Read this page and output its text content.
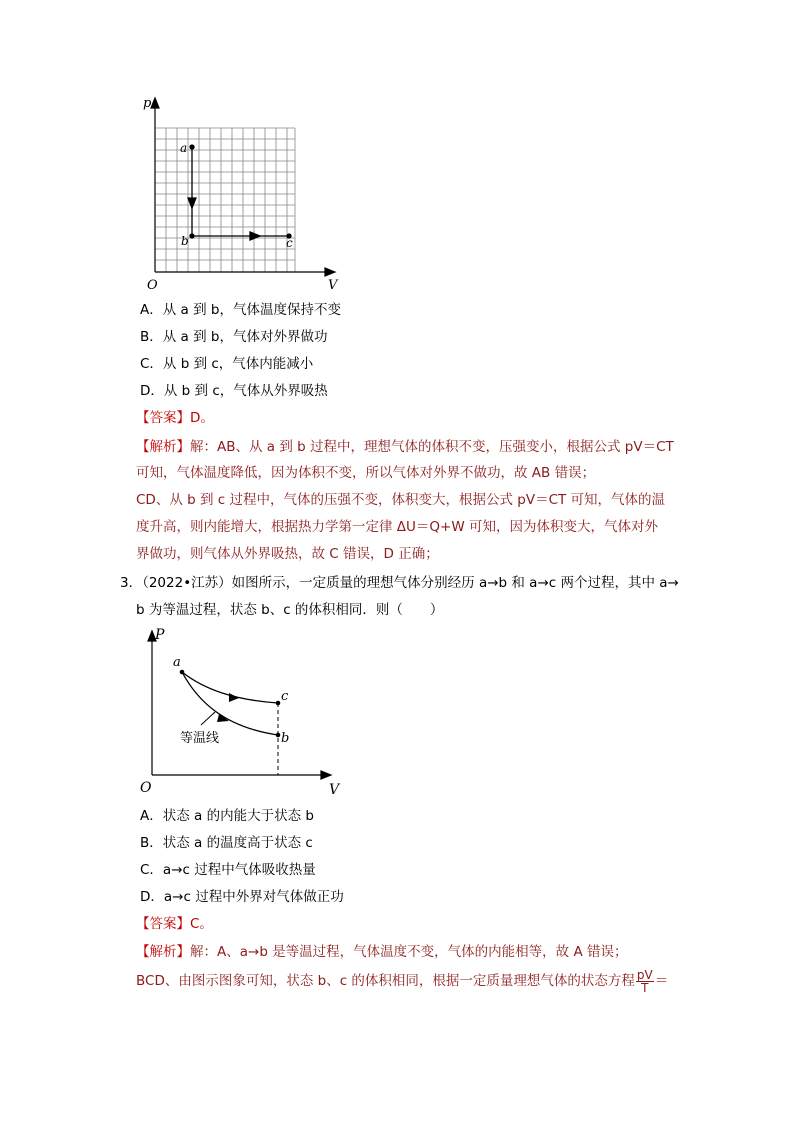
p
V
O
a
b	c
A．从 a 到 b，气体温度保持不变
B．从 a 到 b，气体对外界做功
C．从 b 到 c，气体内能减小
D．从 b 到 c，气体从外界吸热
【答案】D。
【解析】解：AB、从 a 到 b 过程中，理想气体的体积不变，压强变小，根据公式 pV＝CT
可知，气体温度降低，因为体积不变，所以气体对外界不做功，故 AB 错误；
CD、从 b 到 c 过程中，气体的压强不变，体积变大，根据公式 pV＝CT 可知，气体的温
度升高，则内能增大，根据热力学第一定律 ΔU＝Q+W 可知，因为体积变大，气体对外
界做功，则气体从外界吸热，故 C 错误，D 正确；
3．（2022•江苏）如图所示，一定质量的理想气体分别经历 a→b 和 a→c 两个过程，其中 a→
b 为等温过程，状态 b、c 的体积相同．则（　　）
P
V
O
a
c
b
等温线
A．状态 a 的内能大于状态 b
B．状态 a 的温度高于状态 c
C．a→c 过程中气体吸收热量
D．a→c 过程中外界对气体做正功
【答案】C。
【解析】解：A、a→b 是等温过程，气体温度不变，气体的内能相等，故 A 错误；
BCD、由图示图象可知，状态 b、c 的体积相同，根据一定质量理想气体的状态方程 $\frac{pV}{T}$ ＝
